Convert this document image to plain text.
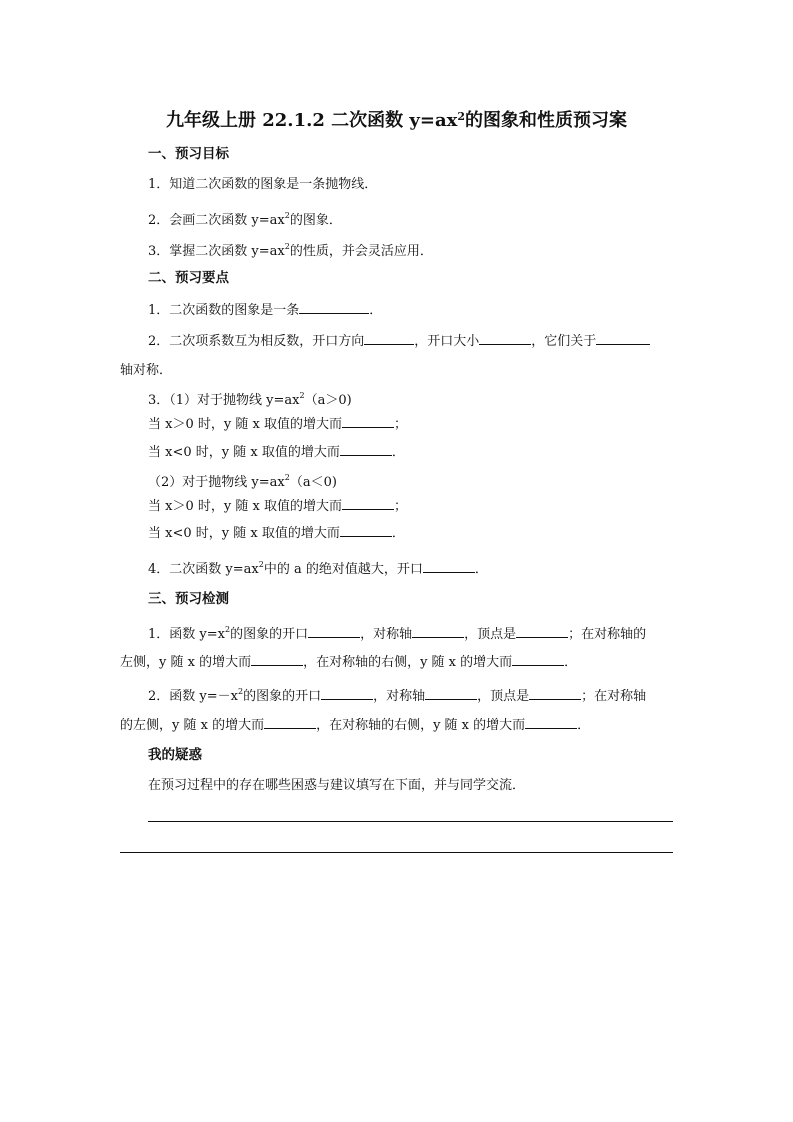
九年级上册 22.1.2 二次函数 $y=ax^2$的图象和性质预习案
一、预习目标
1．知道二次函数的图象是一条抛物线．
2．会画二次函数 $y=ax^2$的图象．
3．掌握二次函数 $y=ax^2$的性质，并会灵活应用．
二、预习要点
1．二次函数的图象是一条	．
2．二次项系数互为相反数，开口方向	，开口大小	，它们关于
轴对称．
3．（1）对于抛物线 $y=ax^2(a>0)$
当 x＞0 时，y 随 x 取值的增大而	；
当 x<0 时，y 随 x 取值的增大而	．
（2）对于抛物线 $y=ax^2(a<0)$
当 x＞0 时，y 随 x 取值的增大而	；
当 x<0 时，y 随 x 取值的增大而	．
4．二次函数 $y=ax^2$中的 a 的绝对值越大，开口	．
三、预习检测
1．函数 $y=x^2$的图象的开口	，对称轴	，顶点是	；在对称轴的
左侧，y 随 x 的增大而	，在对称轴的右侧，y 随 x 的增大而	．
2．函数 $y=-x^2$的图象的开口	，对称轴	，顶点是	；在对称轴
的左侧，y 随 x 的增大而	，在对称轴的右侧，y 随 x 的增大而	．
我的疑惑
在预习过程中的存在哪些困惑与建议填写在下面，并与同学交流．
